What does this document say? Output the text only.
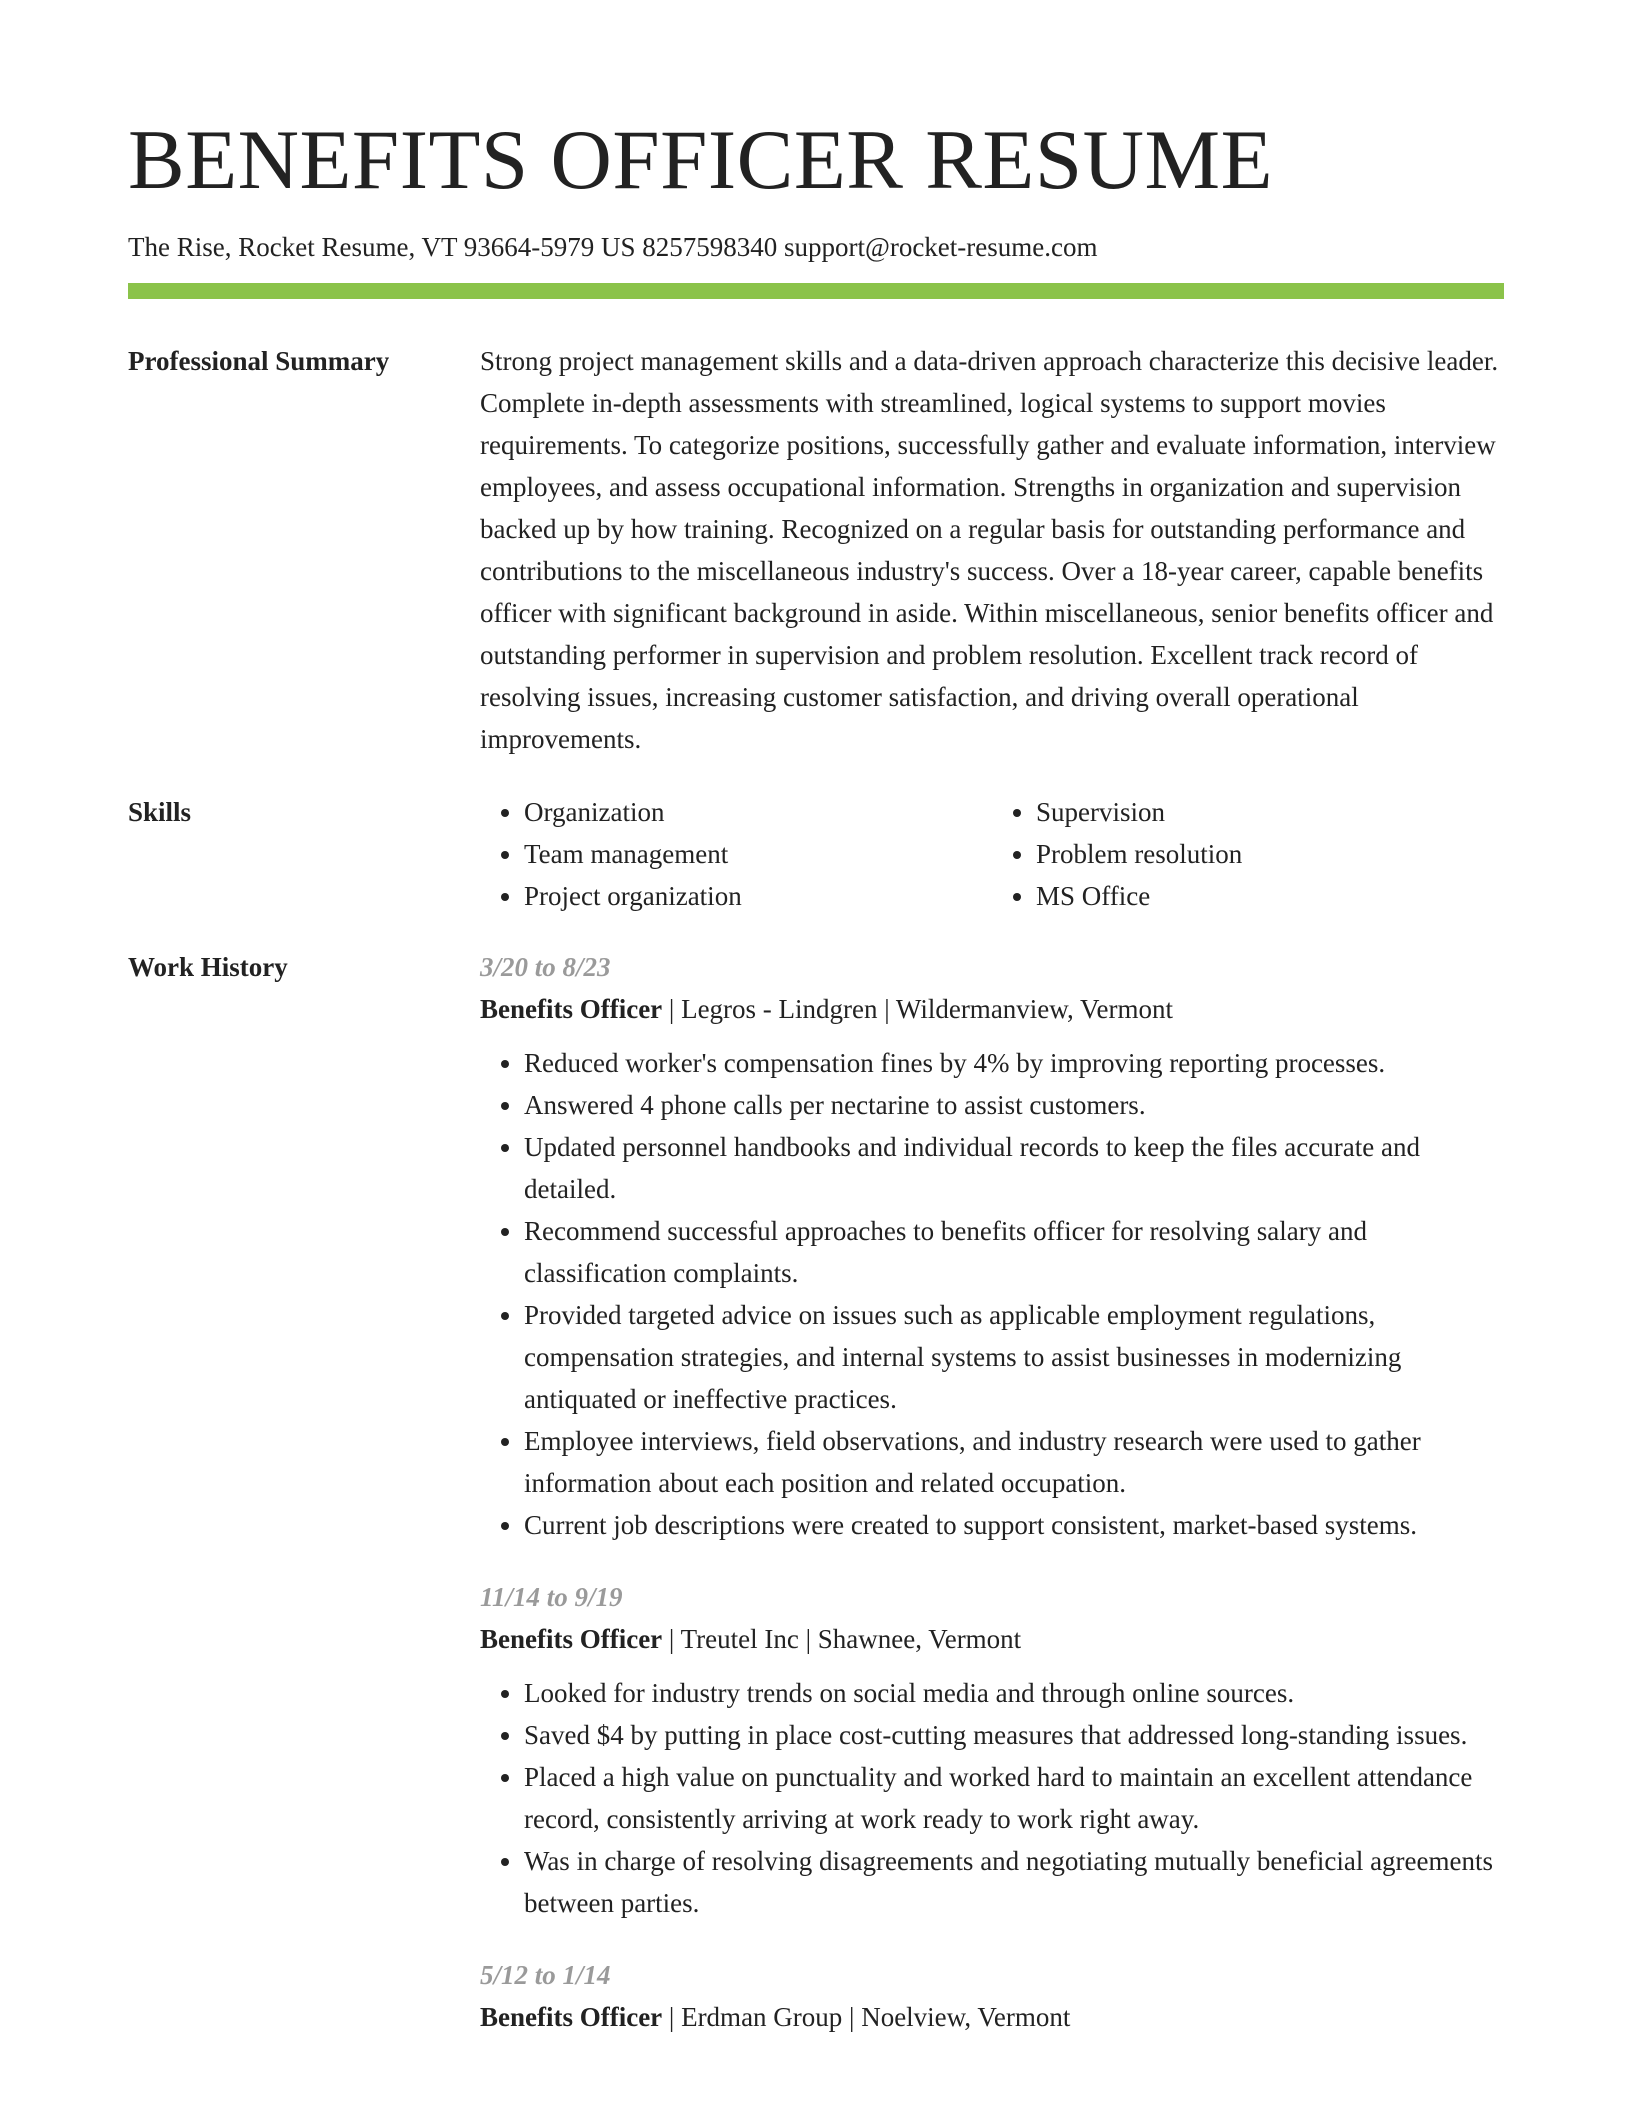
BENEFITS OFFICER RESUME
The Rise, Rocket Resume, VT 93664-5979 US 8257598340 support@rocket-resume.com
Professional Summary	Strong project management skills and a data-driven approach characterize this decisive leader. Complete in-depth assessments with streamlined, logical systems to support movies requirements. To categorize positions, successfully gather and evaluate information, interview employees, and assess occupational information. Strengths in organization and supervision backed up by how training. Recognized on a regular basis for outstanding performance and contributions to the miscellaneous industry's success. Over a 18-year career, capable benefits officer with significant background in aside. Within miscellaneous, senior benefits officer and outstanding performer in supervision and problem resolution. Excellent track record of resolving issues, increasing customer satisfaction, and driving overall operational improvements.

Skills
•	Organization
• Team management
• Project organization
• Supervision
• Problem resolution
• MS Office
Work History	3/20 to 8/23
Benefits Officer | Legros - Lindgren | Wildermanview, Vermont
• Reduced worker's compensation fines by 4% by improving reporting processes.
• Answered 4 phone calls per nectarine to assist customers.
• Updated personnel handbooks and individual records to keep the files accurate and detailed.
• Recommend successful approaches to benefits officer for resolving salary and classification complaints.
• Provided targeted advice on issues such as applicable employment regulations, compensation strategies, and internal systems to assist businesses in modernizing antiquated or ineffective practices.
• Employee interviews, field observations, and industry research were used to gather information about each position and related occupation.
• Current job descriptions were created to support consistent, market-based systems.
11/14 to 9/19
Benefits Officer | Treutel Inc | Shawnee, Vermont
• Looked for industry trends on social media and through online sources.
• Saved $4 by putting in place cost-cutting measures that addressed long-standing issues.
• Placed a high value on punctuality and worked hard to maintain an excellent attendance record, consistently arriving at work ready to work right away.
• Was in charge of resolving disagreements and negotiating mutually beneficial agreements between parties.
5/12 to 1/14
Benefits Officer | Erdman Group | Noelview, Vermont
